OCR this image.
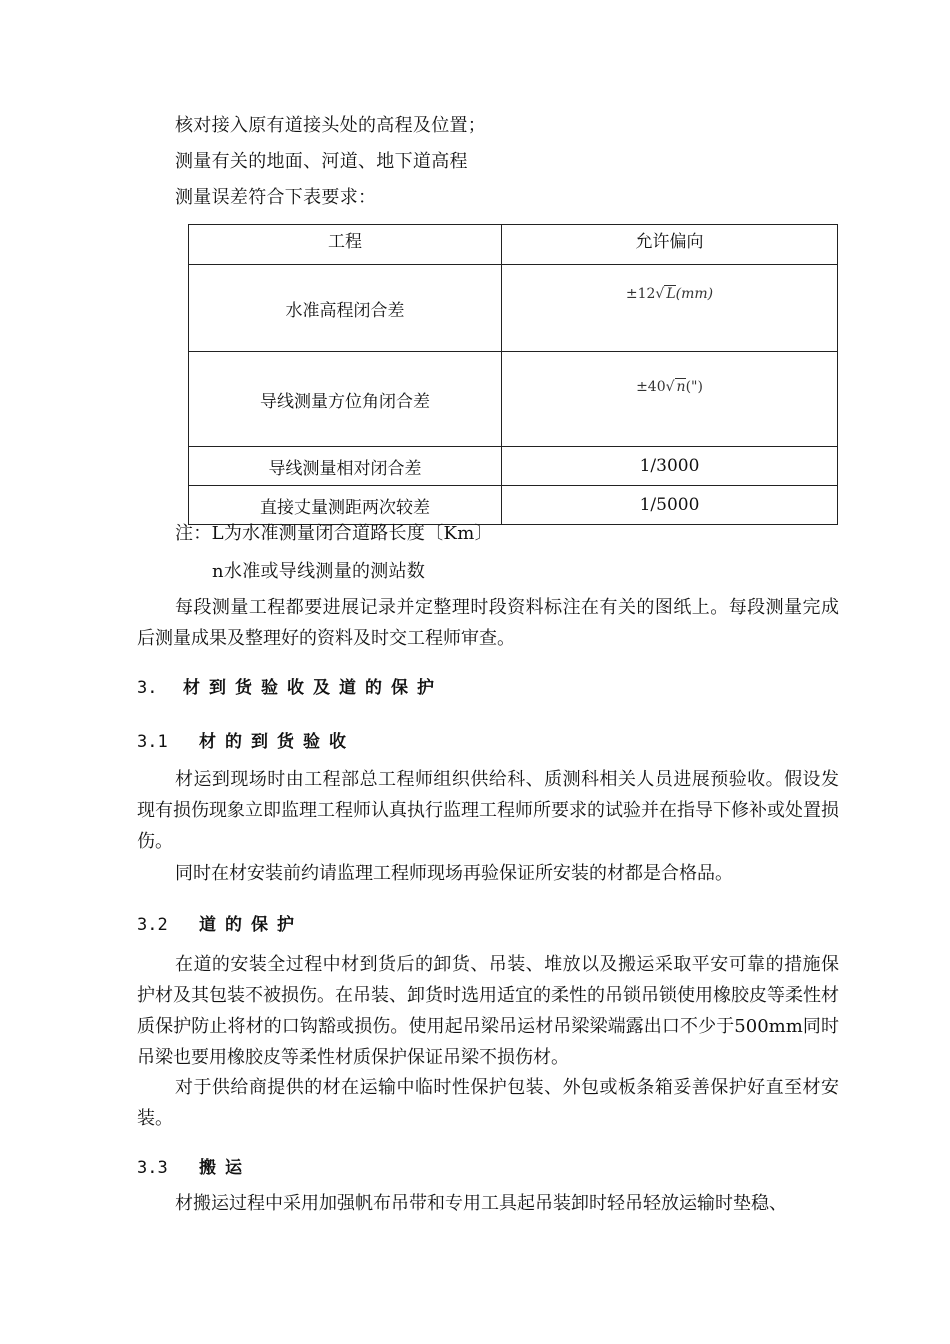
核对接入原有道接头处的高程及位置；
测量有关的地面、河道、地下道高程
测量误差符合下表要求：
工程	允许偏向
水准高程闭合差	±12√ L(mm)
导线测量方位角闭合差	±40√ n(")
导线测量相对闭合差	1/3000
直接丈量测距两次较差	1/5000
注：L为水准测量闭合道路长度〔Km〕
n水准或导线测量的测站数
每段测量工程都要进展记录并定整理时段资料标注在有关的图纸上。每段测量完成后测量成果及整理好的资料及时交工程师审查。
3. 材到货验收及道的保护
3.1 材的到货验收
材运到现场时由工程部总工程师组织供给科、质测科相关人员进展预验收。假设发现有损伤现象立即监理工程师认真执行监理工程师所要求的试验并在指导下修补或处置损伤。
同时在材安装前约请监理工程师现场再验保证所安装的材都是合格品。
3.2 道的保护
在道的安装全过程中材到货后的卸货、吊装、堆放以及搬运采取平安可靠的措施保护材及其包装不被损伤。在吊装、卸货时选用适宜的柔性的吊锁吊锁使用橡胶皮等柔性材质保护防止将材的口钩豁或损伤。使用起吊梁吊运材吊梁梁端露出口不少于500mm同时吊梁也要用橡胶皮等柔性材质保护保证吊梁不损伤材。
对于供给商提供的材在运输中临时性保护包装、外包或板条箱妥善保护好直至材安装。
3.3 搬运
材搬运过程中采用加强帆布吊带和专用工具起吊装卸时轻吊轻放运输时垫稳、
